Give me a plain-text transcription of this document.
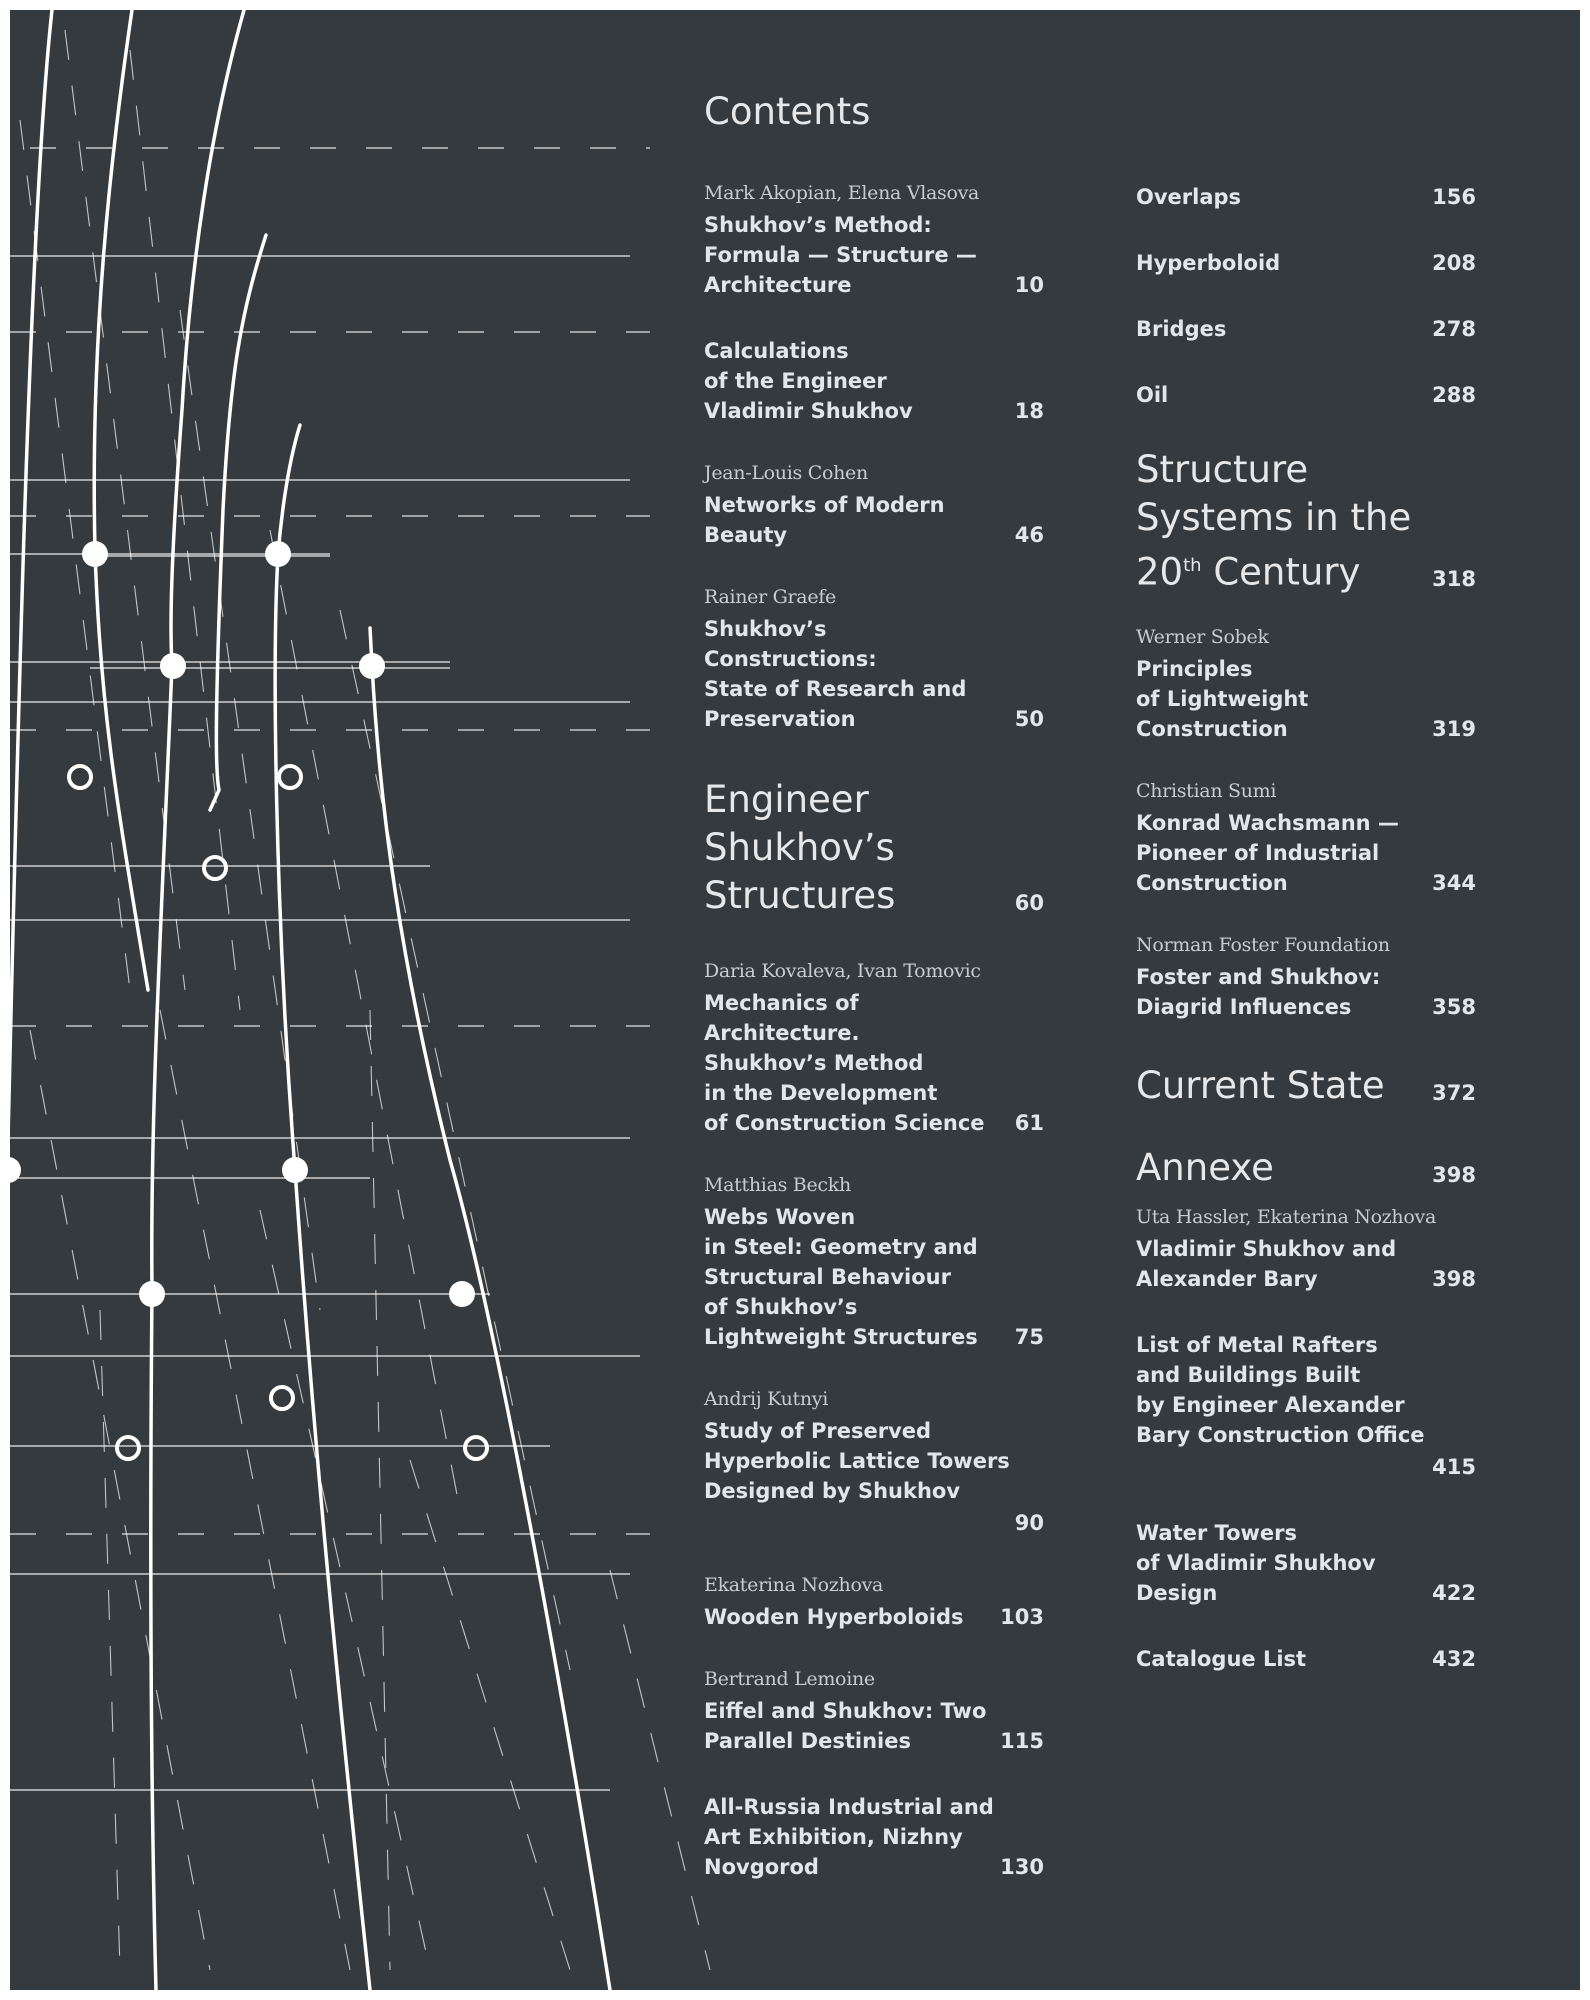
Contents
Mark Akopian, Elena Vlasova
Shukhov’s Method:
Formula — Structure —
Architecture	10
Calculations
of the Engineer
Vladimir Shukhov	18
Jean-Louis Cohen
Networks of Modern
Beauty	46
Rainer Graefe
Shukhov’s Constructions:
State of Research and
Preservation	50
Engineer
Shukhov’s
Structures	60
Daria Kovaleva, Ivan Tomovic
Mechanics of Architecture.
Shukhov’s Method
in the Development
of Construction Science	61
Matthias Beckh
Webs Woven
in Steel: Geometry and
Structural Behaviour
of Shukhov’s
Lightweight Structures	75
Andrij Kutnyi
Study of Preserved
Hyperbolic Lattice Towers
Designed by Shukhov
90
Ekaterina Nozhova
Wooden Hyperboloids	103
Bertrand Lemoine
Eiffel and Shukhov: Two
Parallel Destinies	115
All-Russia Industrial and
Art Exhibition, Nizhny
Novgorod	130
Overlaps	156
Hyperboloid	208
Bridges	278
Oil	288
Structure
Systems in the
20th Century	318
Werner Sobek
Principles
of Lightweight
Construction	319
Christian Sumi
Konrad Wachsmann —
Pioneer of Industrial
Construction	344
Norman Foster Foundation
Foster and Shukhov:
Diagrid Influences	358
Current State	372
Annexe	398
Uta Hassler, Ekaterina Nozhova
Vladimir Shukhov and
Alexander Bary	398
List of Metal Rafters
and Buildings Built
by Engineer Alexander
Bary Construction Office
415
Water Towers
of Vladimir Shukhov
Design	422
Catalogue List	432
